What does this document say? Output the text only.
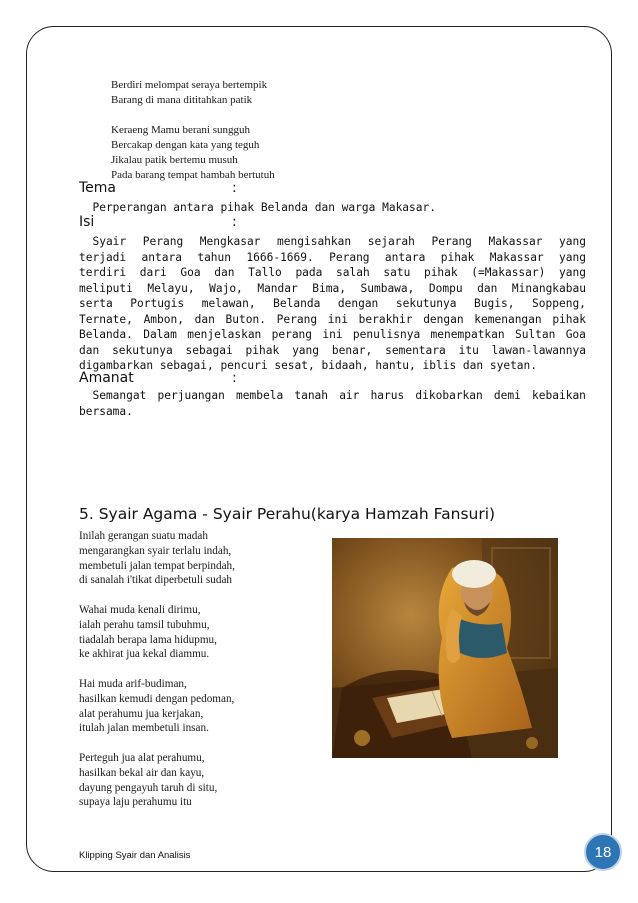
Berdiri melompat seraya bertempik
Barang di mana dititahkan patik

Keraeng Mamu berani sungguh
Bercakap dengan kata yang teguh
Jikalau patik bertemu musuh
Pada barang tempat hambah bertutuh
Tema	:
Perperangan antara pihak Belanda dan warga Makasar.
Isi	:
Syair Perang Mengkasar mengisahkan sejarah Perang Makassar yang
terjadi antara tahun 1666-1669. Perang antara pihak Makassar yang
terdiri dari Goa dan Tallo pada salah satu pihak (=Makassar) yang
meliputi Melayu, Wajo, Mandar Bima, Sumbawa, Dompu dan Minangkabau
serta Portugis melawan, Belanda dengan sekutunya Bugis, Soppeng,
Ternate, Ambon, dan Buton. Perang ini berakhir dengan kemenangan pihak
Belanda. Dalam menjelaskan perang ini penulisnya menempatkan Sultan Goa
dan sekutunya sebagai pihak yang benar, sementara itu lawan-lawannya
digambarkan sebagai, pencuri sesat, bidaah, hantu, iblis dan syetan.
Amanat	:
Semangat perjuangan membela tanah air harus dikobarkan demi kebaikan
bersama.
5. Syair Agama - Syair Perahu(karya Hamzah Fansuri)
Inilah gerangan suatu madah
mengarangkan syair terlalu indah,
membetuli jalan tempat berpindah,
di sanalah i'tikat diperbetuli sudah
Wahai muda kenali dirimu,
ialah perahu tamsil tubuhmu,
tiadalah berapa lama hidupmu,
ke akhirat jua kekal diammu.
Hai muda arif-budiman,
hasilkan kemudi dengan pedoman,
alat perahumu jua kerjakan,
itulah jalan membetuli insan.
Perteguh jua alat perahumu,
hasilkan bekal air dan kayu,
dayung pengayuh taruh di situ,
supaya laju perahumu itu
Klipping Syair dan Analisis	18
